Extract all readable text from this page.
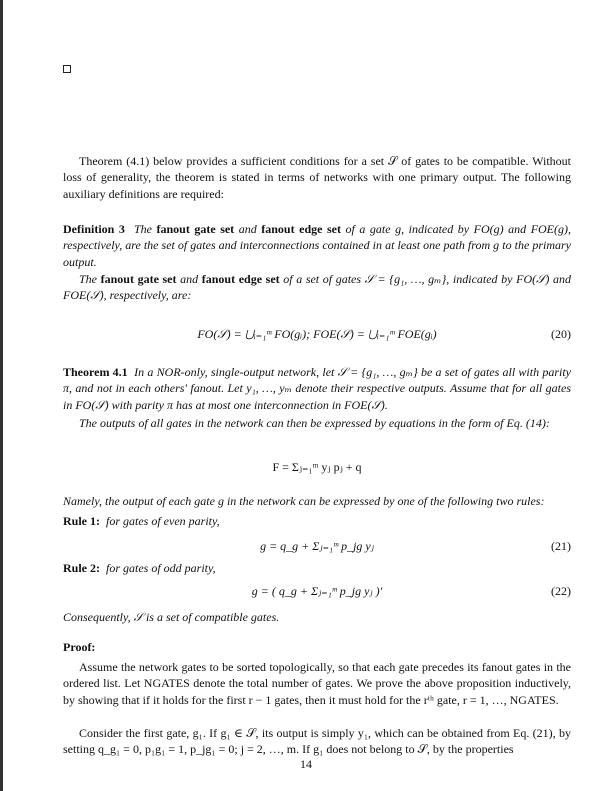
Theorem (4.1) below provides a sufficient conditions for a set 𝒮 of gates to be compatible. Without loss of generality, the theorem is stated in terms of networks with one primary output. The following auxiliary definitions are required:
Definition 3 The fanout gate set and fanout edge set of a gate g, indicated by FO(g) and FOE(g), respectively, are the set of gates and interconnections contained in at least one path from g to the primary output.
The fanout gate set and fanout edge set of a set of gates 𝒮 = {g₁, …, gₘ}, indicated by FO(𝒮) and FOE(𝒮), respectively, are:
FO(𝒮) = ⋃ᵢ₌₁ᵐ FO(gᵢ); FOE(𝒮) = ⋃ᵢ₌₁ᵐ FOE(gᵢ)	(20)
Theorem 4.1 In a NOR-only, single-output network, let 𝒮 = {g₁, …, gₘ} be a set of gates all with parity π, and not in each others' fanout. Let y₁, …, yₘ denote their respective outputs. Assume that for all gates in FO(𝒮) with parity π has at most one interconnection in FOE(𝒮).
The outputs of all gates in the network can then be expressed by equations in the form of Eq. (14):
F = Σⱼ₌₁ᵐ yⱼ pⱼ + q
Namely, the output of each gate g in the network can be expressed by one of the following two rules:
Rule 1: for gates of even parity,
g = q_g + Σⱼ₌₁ᵐ p_jg yⱼ	(21)
Rule 2: for gates of odd parity,
g = ( q_g + Σⱼ₌₁ᵐ p_jg yⱼ )′	(22)
Consequently, 𝒮 is a set of compatible gates.
Proof:
Assume the network gates to be sorted topologically, so that each gate precedes its fanout gates in the ordered list. Let NGATES denote the total number of gates. We prove the above proposition inductively, by showing that if it holds for the first r − 1 gates, then it must hold for the rᵗʰ gate, r = 1, …, NGATES.
Consider the first gate, g₁. If g₁ ∈ 𝒮, its output is simply y₁, which can be obtained from Eq. (21), by setting q_g₁ = 0, p₁g₁ = 1, p_jg₁ = 0; j = 2, …, m. If g₁ does not belong to 𝒮, by the properties
14
